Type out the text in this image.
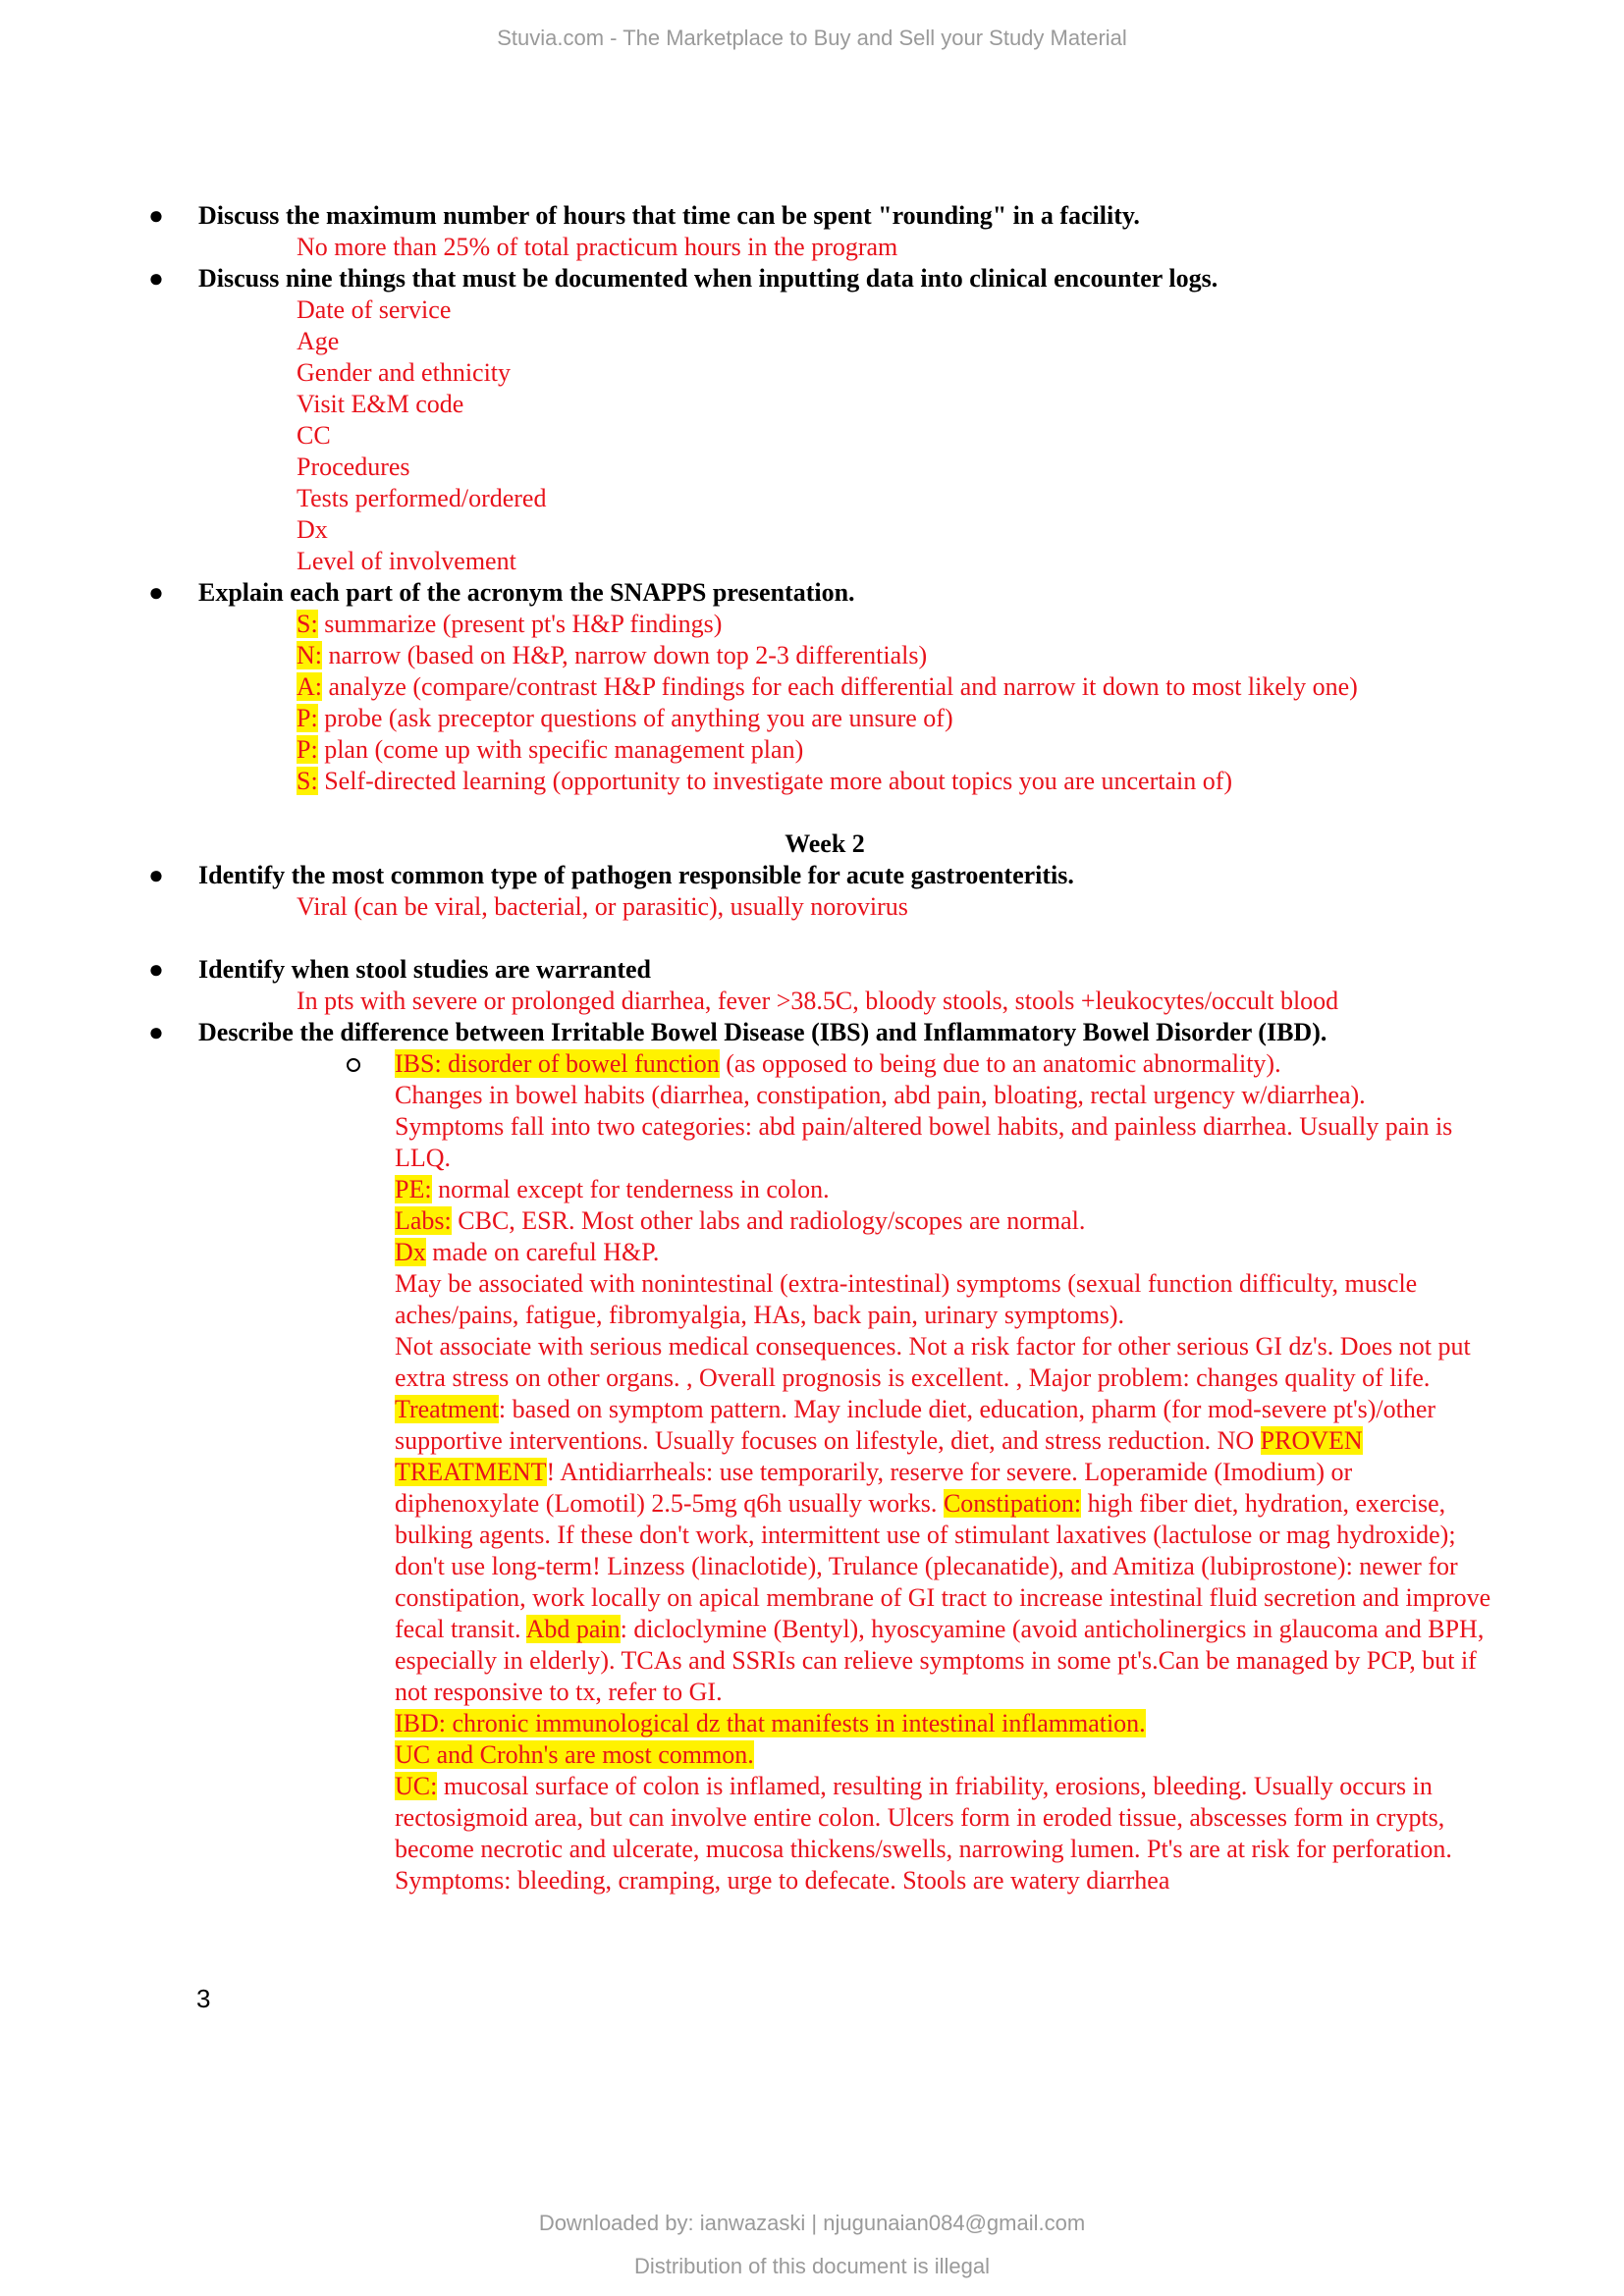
Stuvia.com - The Marketplace to Buy and Sell your Study Material
● Discuss the maximum number of hours that time can be spent "rounding" in a facility.
No more than 25% of total practicum hours in the program
● Discuss nine things that must be documented when inputting data into clinical encounter logs.
Date of service
Age
Gender and ethnicity
Visit E&M code
CC
Procedures
Tests performed/ordered
Dx
Level of involvement
● Explain each part of the acronym the SNAPPS presentation.
S: summarize (present pt's H&P findings)
N: narrow (based on H&P, narrow down top 2-3 differentials)
A: analyze (compare/contrast H&P findings for each differential and narrow it down to most likely one)
P: probe (ask preceptor questions of anything you are unsure of)
P: plan (come up with specific management plan)
S: Self-directed learning (opportunity to investigate more about topics you are uncertain of)
Week 2
● Identify the most common type of pathogen responsible for acute gastroenteritis.
Viral (can be viral, bacterial, or parasitic), usually norovirus
● Identify when stool studies are warranted
In pts with severe or prolonged diarrhea, fever >38.5C, bloody stools, stools +leukocytes/occult blood
● Describe the difference between Irritable Bowel Disease (IBS) and Inflammatory Bowel Disorder (IBD).
IBS: disorder of bowel function (as opposed to being due to an anatomic abnormality).
Changes in bowel habits (diarrhea, constipation, abd pain, bloating, rectal urgency w/diarrhea).
Symptoms fall into two categories: abd pain/altered bowel habits, and painless diarrhea. Usually pain is LLQ.
PE: normal except for tenderness in colon.
Labs: CBC, ESR. Most other labs and radiology/scopes are normal.
Dx made on careful H&P.
May be associated with nonintestinal (extra-intestinal) symptoms (sexual function difficulty, muscle aches/pains, fatigue, fibromyalgia, HAs, back pain, urinary symptoms).
Not associate with serious medical consequences. Not a risk factor for other serious GI dz's. Does not put extra stress on other organs. , Overall prognosis is excellent. , Major problem: changes quality of life.
Treatment: based on symptom pattern. May include diet, education, pharm (for mod-severe pt's)/other supportive interventions. Usually focuses on lifestyle, diet, and stress reduction. NO PROVEN TREATMENT! Antidiarrheals: use temporarily, reserve for severe. Loperamide (Imodium) or diphenoxylate (Lomotil) 2.5-5mg q6h usually works. Constipation: high fiber diet, hydration, exercise, bulking agents. If these don't work, intermittent use of stimulant laxatives (lactulose or mag hydroxide); don't use long-term! Linzess (linaclotide), Trulance (plecanatide), and Amitiza (lubiprostone): newer for constipation, work locally on apical membrane of GI tract to increase intestinal fluid secretion and improve fecal transit. Abd pain: dicloclymine (Bentyl), hyoscyamine (avoid anticholinergics in glaucoma and BPH, especially in elderly). TCAs and SSRIs can relieve symptoms in some pt's.Can be managed by PCP, but if not responsive to tx, refer to GI.
IBD: chronic immunological dz that manifests in intestinal inflammation.
UC and Crohn's are most common.
UC: mucosal surface of colon is inflamed, resulting in friability, erosions, bleeding. Usually occurs in rectosigmoid area, but can involve entire colon. Ulcers form in eroded tissue, abscesses form in crypts, become necrotic and ulcerate, mucosa thickens/swells, narrowing lumen. Pt's are at risk for perforation. Symptoms: bleeding, cramping, urge to defecate. Stools are watery diarrhea
3
Downloaded by: ianwazaski | njugunaian084@gmail.com
Distribution of this document is illegal
